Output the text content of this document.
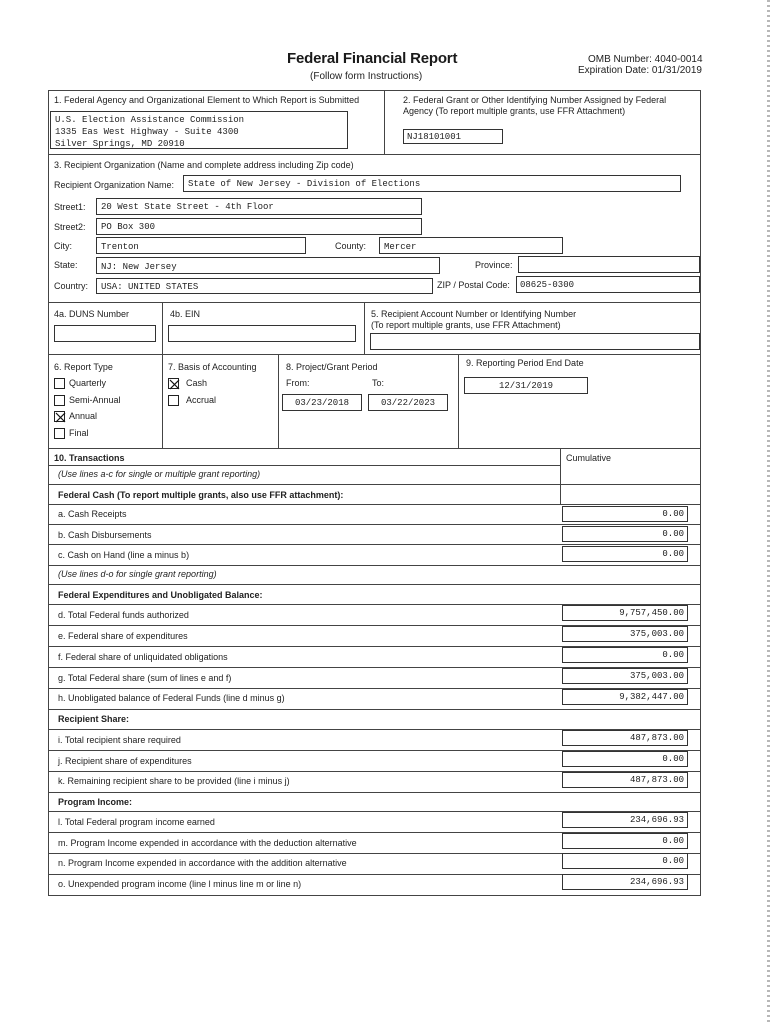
Federal Financial Report
(Follow form Instructions)
OMB Number: 4040-0014
Expiration Date: 01/31/2019
1. Federal Agency and Organizational Element to Which Report is Submitted
U.S. Election Assistance Commission
1335 Eas West Highway - Suite 4300
Silver Springs, MD 20910
2. Federal Grant or Other Identifying Number Assigned by Federal
Agency (To report multiple grants, use FFR Attachment)
NJ18101001
3. Recipient Organization (Name and complete address including Zip code)
Recipient Organization Name: State of New Jersey - Division of Elections
Street1: 20 West State Street - 4th Floor
Street2: PO Box 300
City:	Trenton	County: Mercer
State:	NJ: New Jersey	Province:
Country: USA: UNITED STATES	ZIP / Postal Code: 08625-0300
4a. DUNS Number	4b. EIN	5. Recipient Account Number or Identifying Number
(To report multiple grants, use FFR Attachment)
6. Report Type
Quarterly
Semi-Annual
Annual
Final
7. Basis of Accounting
Cash
Accrual
8. Project/Grant Period
From:	To:
03/23/2018	03/22/2023
9. Reporting Period End Date
12/31/2019
10. Transactions	Cumulative
(Use lines a-c for single or multiple grant reporting)
Federal Cash (To report multiple grants, also use FFR attachment):
a. Cash Receipts	0.00
b. Cash Disbursements	0.00
c. Cash on Hand (line a minus b)	0.00
(Use lines d-o for single grant reporting)
Federal Expenditures and Unobligated Balance:
d. Total Federal funds authorized	9,757,450.00
e. Federal share of expenditures	375,003.00
f. Federal share of unliquidated obligations	0.00
g. Total Federal share (sum of lines e and f)	375,003.00
h. Unobligated balance of Federal Funds (line d minus g)	9,382,447.00
Recipient Share:
i. Total recipient share required	487,873.00
j. Recipient share of expenditures	0.00
k. Remaining recipient share to be provided (line i minus j)	487,873.00
Program Income:
l. Total Federal program income earned	234,696.93
m. Program Income expended in accordance with the deduction alternative	0.00
n. Program Income expended in accordance with the addition alternative	0.00
o. Unexpended program income (line l minus line m or line n)	234,696.93
